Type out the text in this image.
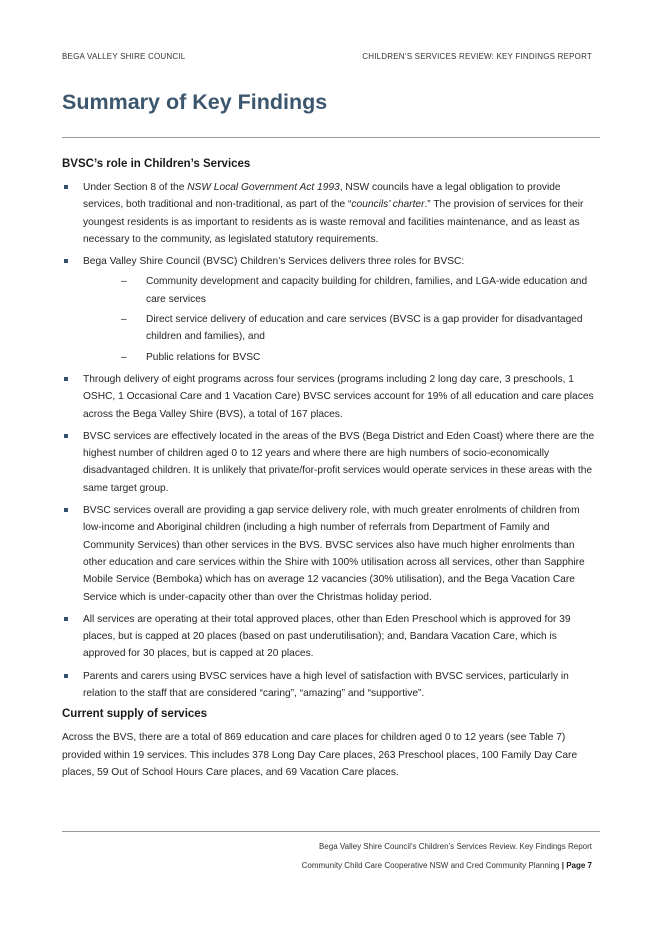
BEGA VALLEY SHIRE COUNCIL	CHILDREN’S SERVICES REVIEW: KEY FINDINGS REPORT
Summary of Key Findings
BVSC’s role in Children’s Services
Under Section 8 of the NSW Local Government Act 1993, NSW councils have a legal obligation to provide services, both traditional and non-traditional, as part of the “councils’ charter.” The provision of services for their youngest residents is as important to residents as is waste removal and facilities maintenance, and as least as necessary to the community, as legislated statutory requirements.
Bega Valley Shire Council (BVSC) Children’s Services delivers three roles for BVSC:
– Community development and capacity building for children, families, and LGA-wide education and care services
– Direct service delivery of education and care services (BVSC is a gap provider for disadvantaged children and families), and
– Public relations for BVSC
Through delivery of eight programs across four services (programs including 2 long day care, 3 preschools, 1 OSHC, 1 Occasional Care and 1 Vacation Care) BVSC services account for 19% of all education and care places across the Bega Valley Shire (BVS), a total of 167 places.
BVSC services are effectively located in the areas of the BVS (Bega District and Eden Coast) where there are the highest number of children aged 0 to 12 years and where there are high numbers of socio-economically disadvantaged children. It is unlikely that private/for-profit services would operate services in these areas with the same target group.
BVSC services overall are providing a gap service delivery role, with much greater enrolments of children from low-income and Aboriginal children (including a high number of referrals from Department of Family and Community Services) than other services in the BVS. BVSC services also have much higher enrolments than other education and care services within the Shire with 100% utilisation across all services, other than Sapphire Mobile Service (Bemboka) which has on average 12 vacancies (30% utilisation), and the Bega Vacation Care Service which is under-capacity other than over the Christmas holiday period.
All services are operating at their total approved places, other than Eden Preschool which is approved for 39 places, but is capped at 20 places (based on past underutilisation); and, Bandara Vacation Care, which is approved for 30 places, but is capped at 20 places.
Parents and carers using BVSC services have a high level of satisfaction with BVSC services, particularly in relation to the staff that are considered “caring”, “amazing” and “supportive”.
Current supply of services

Across the BVS, there are a total of 869 education and care places for children aged 0 to 12 years (see Table 7) provided within 19 services. This includes 378 Long Day Care places, 263 Preschool places, 100 Family Day Care places, 59 Out of School Hours Care places, and 69 Vacation Care places.

Bega Valley Shire Council’s Children’s Services Review. Key Findings Report
Community Child Care Cooperative NSW and Cred Community Planning | Page 7
